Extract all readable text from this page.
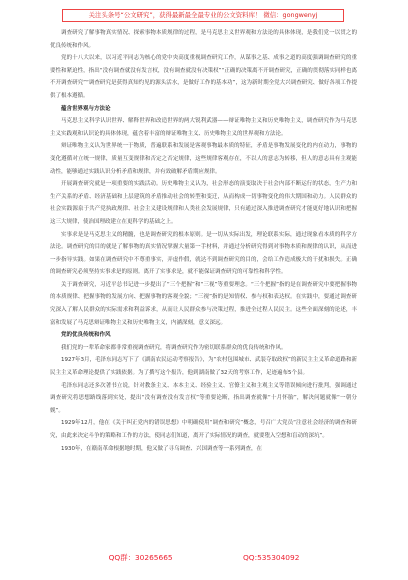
关注头条号“公文研究”，获得最新最全最专业的公文资料库！ 微信：gongwenyj

调查研究了解事物真实情况、探索事物本质规律的过程，是马克思主义世界观和方法论的具体体现，是我们党一以贯之的优良传统和作风。

党的十八大以来，以习近平同志为核心的党中央高度重视调查研究工作，从谋事之基、成事之道的高度强调调查研究的重要性和紧迫性，指出“没有调查就没有发言权，没有调查就没有决策权”“正确的决策离不开调查研究，正确的贯彻落实同样也离不开调查研究”“调查研究是获得真知灼见的源头活水，是做好工作的基本功”，这为新时期全党大兴调查研究、做好各项工作提供了根本遵循。

蕴含世界观与方法论

马克思主义科学认识世界、解释世界和改造世界的两大锐利武器——辩证唯物主义和历史唯物主义，调查研究作为马克思主义实践观和认识论的具体体现，蕴含着丰富的辩证唯物主义、历史唯物主义的世界观和方法论。

辩证唯物主义认为世界统一于物质，普遍联系和发展是客观事物最本质的特征，矛盾是事物发展变化的内在动力，事物的变化遵循对立统一规律，质量互变规律和否定之否定规律，这些规律客观存在，不以人的意志为转移，但人的意志具有主观能动性，能够通过实践认识分析矛盾和规律，并有效破解矛盾期应规律。

开展调查研究就是一项重要的实践活动。历史唯物主义认为，社会形态的演变取决于社会内部不断运行的状态，生产力和生产关系的矛盾、经济基础和上层建筑的矛盾推动社会的转型和变迁，从而构成一切事物变化的伟大期国和动力。人民群众的社会实践源泉于共产党执政规律、社会主义建设规律和人类社会发展规律，只有通过深入推进调查研究才能更好地认识和把握这三大规律，使治国理政建立在更科学的基础之上。

实事求是是马克思主义的精髓，也是调查研究的根本原则。是一切从实际出发，理论联系实际，通过现象看本质的科学方法论。调查研究的目的就是了解事物的真实情况掌握大量第一手材料，并通过分析研究得到对事物本质和规律的认识，从而进一步指导实践。如果在调查研究中不尊重事实，弄虚作假，就达不到调查研究的目的，会给工作造成极大的干扰和损失。正确的调查研究必须坚持实事求是的原则。离开了实事求是，就不能保证调查研究的可靠性和科学性。

关于调查研究，习近平总书记进一步提出了“三个把握”和“三视”等重要理念。“三个把握”指的是在调查研究中要把握事物的本质规律、把握事物的发展方向、把握事物的客观全貌；“三视”指的是知情权、参与权和表达权。在实践中，要通过调查研究深入了解人民群众的实际需求和利益诉求，从而让人民群众参与决策过程，推进全过程人民民主。这些全面深刻的论述，丰富和发展了马克思辩证唯物主义和历史唯物主义，内涵深刻，意义深远。

党的优良传统和作风

我们党的一辈革命家都非常重视调查研究，将调查研究作为密切联系群众的优良传统和作风。

1927年3月，毛泽东同志写下了《湖南农民运动考察报告》，为“农村包围城市、武装夺取政权”的新民主主义革命道路和新民主主义革命理论提供了实践依据。为了撰写这个报告，他到湖南做了32天的考察工作，足迹遍布5个县。

毛泽东同志还多次著书立说，针对教条主义、本本主义、经验主义、官僚主义和主观主义等错误倾向进行批判，强调通过调查研究将思想路线落到实处，提出“没有调查没有发言权”等重要论断，指出调查就像“十月怀胎”，解决问题就像“一朝分娩”。

1929年12月，他在《关于纠正党内的错误思想》中明确使用“调查和研究”概念，号召广大党员“注意社会经济的调查和研究，由此来决定斗争的策略和工作的方法，使同志们知道，离开了实际情况的调查，就要堕入空想和盲动的深坑”。

1930年，在赣南革命根据地时期，他又做了寻乌调查、兴国调查等一系列调查，在

QQ群：30265665	QQ:535304092
